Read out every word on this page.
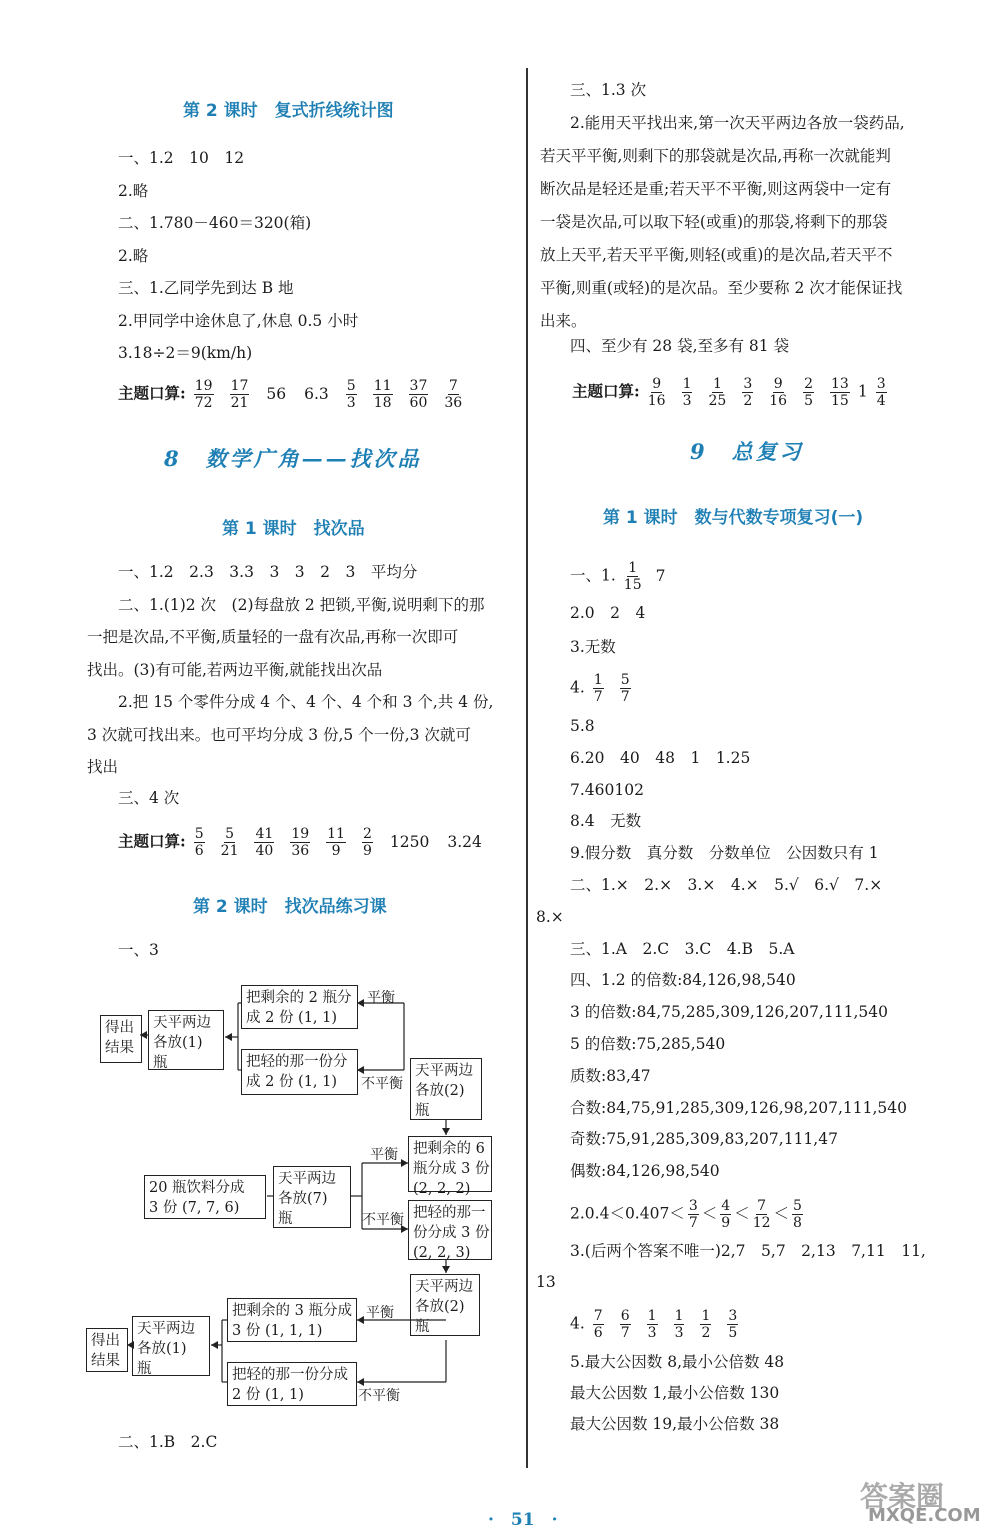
第 2 课时　复式折线统计图
一、1.2　10　12
2.略
二、1.780－460＝320(箱)
2.略
三、1.乙同学先到达 B 地
2.甲同学中途休息了,休息 0.5 小时
3.18÷2＝9(km/h)
主题口算: $\frac{19}{72} \frac{17}{21} 56$ $6.3 \frac{5}{3} \frac{11}{18} \frac{37}{60} \frac{7}{36}$
8　数学广角——找次品
第 1 课时　找次品
一、1.2　2.3　3.3　3　3　2　3　平均分
二、1.(1)2 次　(2)每盘放 2 把锁,平衡,说明剩下的那
一把是次品,不平衡,质量轻的一盘有次品,再称一次即可
找出。(3)有可能,若两边平衡,就能找出次品
2.把 15 个零件分成 4 个、4 个、4 个和 3 个,共 4 份,
3 次就可找出来。也可平均分成 3 份,5 个一份,3 次就可
找出
三、4 次
主题口算: $\frac{5}{6} \frac{5}{21} \frac{41}{40} \frac{19}{36} \frac{11}{9} \frac{2}{9} 1250$ 3.24
第 2 课时　找次品练习课
一、3
得出
结果
天平两边
各放(1)
瓶
把剩余的 2 瓶分
成 2 份 (1, 1)
把轻的那一份分
成 2 份 (1, 1)
天平两边
各放(2)
瓶
平衡
不平衡
20 瓶饮料分成
3 份 (7, 7, 6)
天平两边
各放(7)
瓶
把剩余的 6
瓶分成 3 份
(2, 2, 2)
把轻的那一
份分成 3 份
(2, 2, 3)
平衡
不平衡
得出
结果
天平两边
各放(1)
瓶
把剩余的 3 瓶分成
3 份 (1, 1, 1)
把轻的那一份分成
2 份 (1, 1)
天平两边
各放(2)
瓶
平衡
不平衡
二、1.B　2.C
三、1.3 次
2.能用天平找出来,第一次天平两边各放一袋药品,
若天平平衡,则剩下的那袋就是次品,再称一次就能判
断次品是轻还是重;若天平不平衡,则这两袋中一定有
一袋是次品,可以取下轻(或重)的那袋,将剩下的那袋
放上天平,若天平平衡,则轻(或重)的是次品,若天平不
平衡,则重(或轻)的是次品。至少要称 2 次才能保证找
出来。
四、至少有 28 袋,至多有 81 袋
主题口算: $\frac{9}{16} \frac{1}{3} \frac{1}{25} \frac{3}{2} \frac{9}{16} \frac{2}{5} \frac{13}{15} 1 \frac{3}{4}$
9　总复习
第 1 课时　数与代数专项复习(一)
一、1. $\frac{1}{15} 7$
2.0　2　4
3.无数
4. $\frac{1}{7} \frac{5}{7}$
5.8
6.20　40　48　1　1.25
7.460102
8.4　无数
9.假分数　真分数　分数单位　公因数只有 1
二、1.×　2.×　3.×　4.×　5.√　6.√　7.×
8.×
三、1.A　2.C　3.C　4.B　5.A
四、1.2 的倍数:84,126,98,540
3 的倍数:84,75,285,309,126,207,111,540
5 的倍数:75,285,540
质数:83,47
合数:84,75,91,285,309,126,98,207,111,540
奇数:75,91,285,309,83,207,111,47
偶数:84,126,98,540
$2.0.4<0.407< \frac{3}{7} < \frac{4}{9} < \frac{7}{12} < \frac{5}{8}$
3.(后两个答案不唯一)2,7　5,7　2,13　7,11　11,
13
4. $\frac{7}{6} \frac{6}{7} \frac{1}{3} \frac{1}{3} \frac{1}{2} \frac{3}{5}$
5.最大公因数 8,最小公倍数 48
最大公因数 1,最小公倍数 130
最大公因数 19,最小公倍数 38
·　51　·
答案圈
MXQE.COM
